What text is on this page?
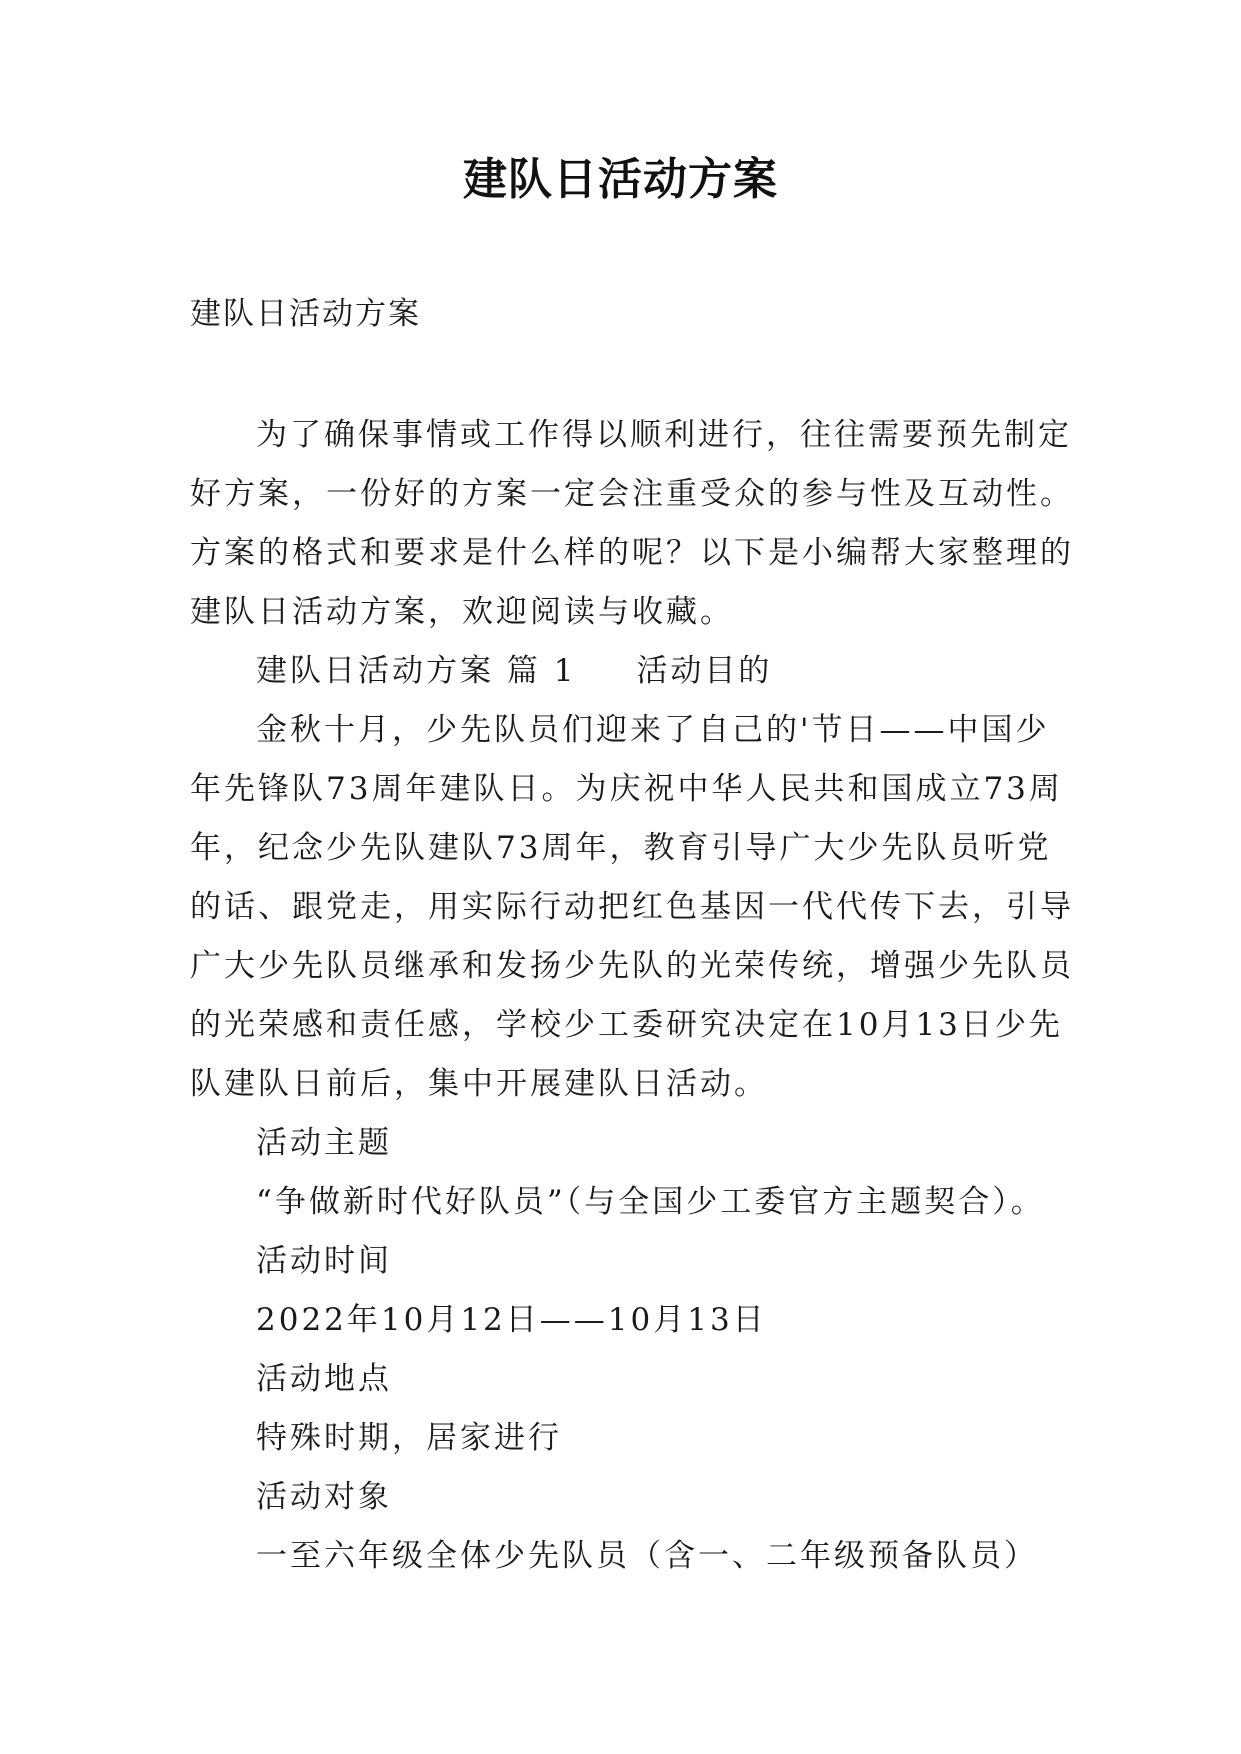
建队日活动方案
建队日活动方案

为了确保事情或工作得以顺利进行，往往需要预先制定好方案，一份好的方案一定会注重受众的参与性及互动性。方案的格式和要求是什么样的呢？以下是小编帮大家整理的建队日活动方案，欢迎阅读与收藏。

建队日活动方案 篇 1 活动目的

金秋十月，少先队员们迎来了自己的'节日——中国少年先锋队73周年建队日。为庆祝中华人民共和国成立73周年，纪念少先队建队73周年，教育引导广大少先队员听党的话、跟党走，用实际行动把红色基因一代代传下去，引导广大少先队员继承和发扬少先队的光荣传统，增强少先队员的光荣感和责任感，学校少工委研究决定在10月13日少先队建队日前后，集中开展建队日活动。

活动主题

“争做新时代好队员”（与全国少工委官方主题契合）。

活动时间

2022年10月12日——10月13日

活动地点

特殊时期，居家进行

活动对象

一至六年级全体少先队员（含一、二年级预备队员）
